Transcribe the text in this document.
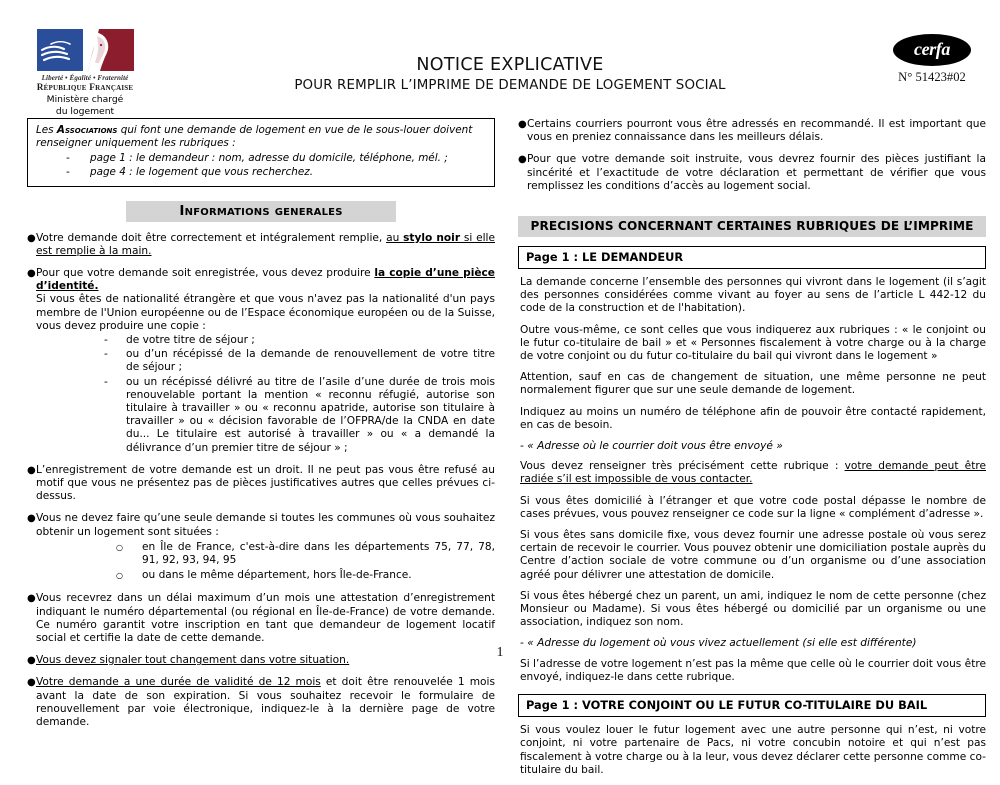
Liberté • Égalité • Fraternité
République Française
Ministère chargé
du logement
NOTICE EXPLICATIVE
POUR REMPLIR L’IMPRIME DE DEMANDE DE LOGEMENT SOCIAL
cerfa
N° 51423#02
Les Associations qui font une demande de logement en vue de le sous-louer doivent renseigner uniquement les rubriques :
-	page 1 : le demandeur : nom, adresse du domicile, téléphone, mél. ;
-	page 4 : le logement que vous recherchez.
Informations generales
● Votre demande doit être correctement et intégralement remplie, au stylo noir si elle est remplie à la main.
● Pour que votre demande soit enregistrée, vous devez produire la copie d’une pièce d’identité.
Si vous êtes de nationalité étrangère et que vous n'avez pas la nationalité d'un pays membre de l'Union européenne ou de l’Espace économique européen ou de la Suisse, vous devez produire une copie :
-	de votre titre de séjour ;
-	ou d’un récépissé de la demande de renouvellement de votre titre de séjour ;
-	ou un récépissé délivré au titre de l’asile d’une durée de trois mois renouvelable portant la mention « reconnu réfugié, autorise son titulaire à travailler » ou « reconnu apatride, autorise son titulaire à travailler » ou « décision favorable de l’OFPRA/de la CNDA en date du... Le titulaire est autorisé à travailler » ou « a demandé la délivrance d’un premier titre de séjour » ;
● L’enregistrement de votre demande est un droit. Il ne peut pas vous être refusé au motif que vous ne présentez pas de pièces justificatives autres que celles prévues ci-dessus.
● Vous ne devez faire qu’une seule demande si toutes les communes où vous souhaitez obtenir un logement sont situées :
○	en Île de France, c'est-à-dire dans les départements 75, 77, 78, 91, 92, 93, 94, 95
○	ou dans le même département, hors Île-de-France.
● Vous recevrez dans un délai maximum d’un mois une attestation d’enregistrement indiquant le numéro départemental (ou régional en Île-de-France) de votre demande. Ce numéro garantit votre inscription en tant que demandeur de logement locatif social et certifie la date de cette demande.
● Vous devez signaler tout changement dans votre situation.
● Votre demande a une durée de validité de 12 mois et doit être renouvelée 1 mois avant la date de son expiration. Si vous souhaitez recevoir le formulaire de renouvellement par voie électronique, indiquez-le à la dernière page de votre demande.
● Certains courriers pourront vous être adressés en recommandé. Il est important que vous en preniez connaissance dans les meilleurs délais.
● Pour que votre demande soit instruite, vous devrez fournir des pièces justifiant la sincérité et l’exactitude de votre déclaration et permettant de vérifier que vous remplissez les conditions d’accès au logement social.
PRECISIONS CONCERNANT CERTAINES RUBRIQUES DE L’IMPRIME
Page 1 : LE DEMANDEUR
La demande concerne l’ensemble des personnes qui vivront dans le logement (il s’agit des personnes considérées comme vivant au foyer au sens de l’article L 442-12 du code de la construction et de l'habitation).
Outre vous-même, ce sont celles que vous indiquerez aux rubriques : « le conjoint ou le futur co-titulaire de bail » et « Personnes fiscalement à votre charge ou à la charge de votre conjoint ou du futur co-titulaire du bail qui vivront dans le logement »
Attention, sauf en cas de changement de situation, une même personne ne peut normalement figurer que sur une seule demande de logement.
Indiquez au moins un numéro de téléphone afin de pouvoir être contacté rapidement, en cas de besoin.
- « Adresse où le courrier doit vous être envoyé »
Vous devez renseigner très précisément cette rubrique : votre demande peut être radiée s’il est impossible de vous contacter.
Si vous êtes domicilié à l’étranger et que votre code postal dépasse le nombre de cases prévues, vous pouvez renseigner ce code sur la ligne « complément d’adresse ».
Si vous êtes sans domicile fixe, vous devez fournir une adresse postale où vous serez certain de recevoir le courrier. Vous pouvez obtenir une domiciliation postale auprès du Centre d’action sociale de votre commune ou d’un organisme ou d’une association agréé pour délivrer une attestation de domicile.
Si vous êtes hébergé chez un parent, un ami, indiquez le nom de cette personne (chez Monsieur ou Madame). Si vous êtes hébergé ou domicilié par un organisme ou une association, indiquez son nom.
- « Adresse du logement où vous vivez actuellement (si elle est différente)
Si l’adresse de votre logement n’est pas la même que celle où le courrier doit vous être envoyé, indiquez-le dans cette rubrique.
Page 1 : VOTRE CONJOINT OU LE FUTUR CO-TITULAIRE DU BAIL
Si vous voulez louer le futur logement avec une autre personne qui n’est, ni votre conjoint, ni votre partenaire de Pacs, ni votre concubin notoire et qui n’est pas fiscalement à votre charge ou à la leur, vous devez déclarer cette personne comme co-titulaire du bail.
1
